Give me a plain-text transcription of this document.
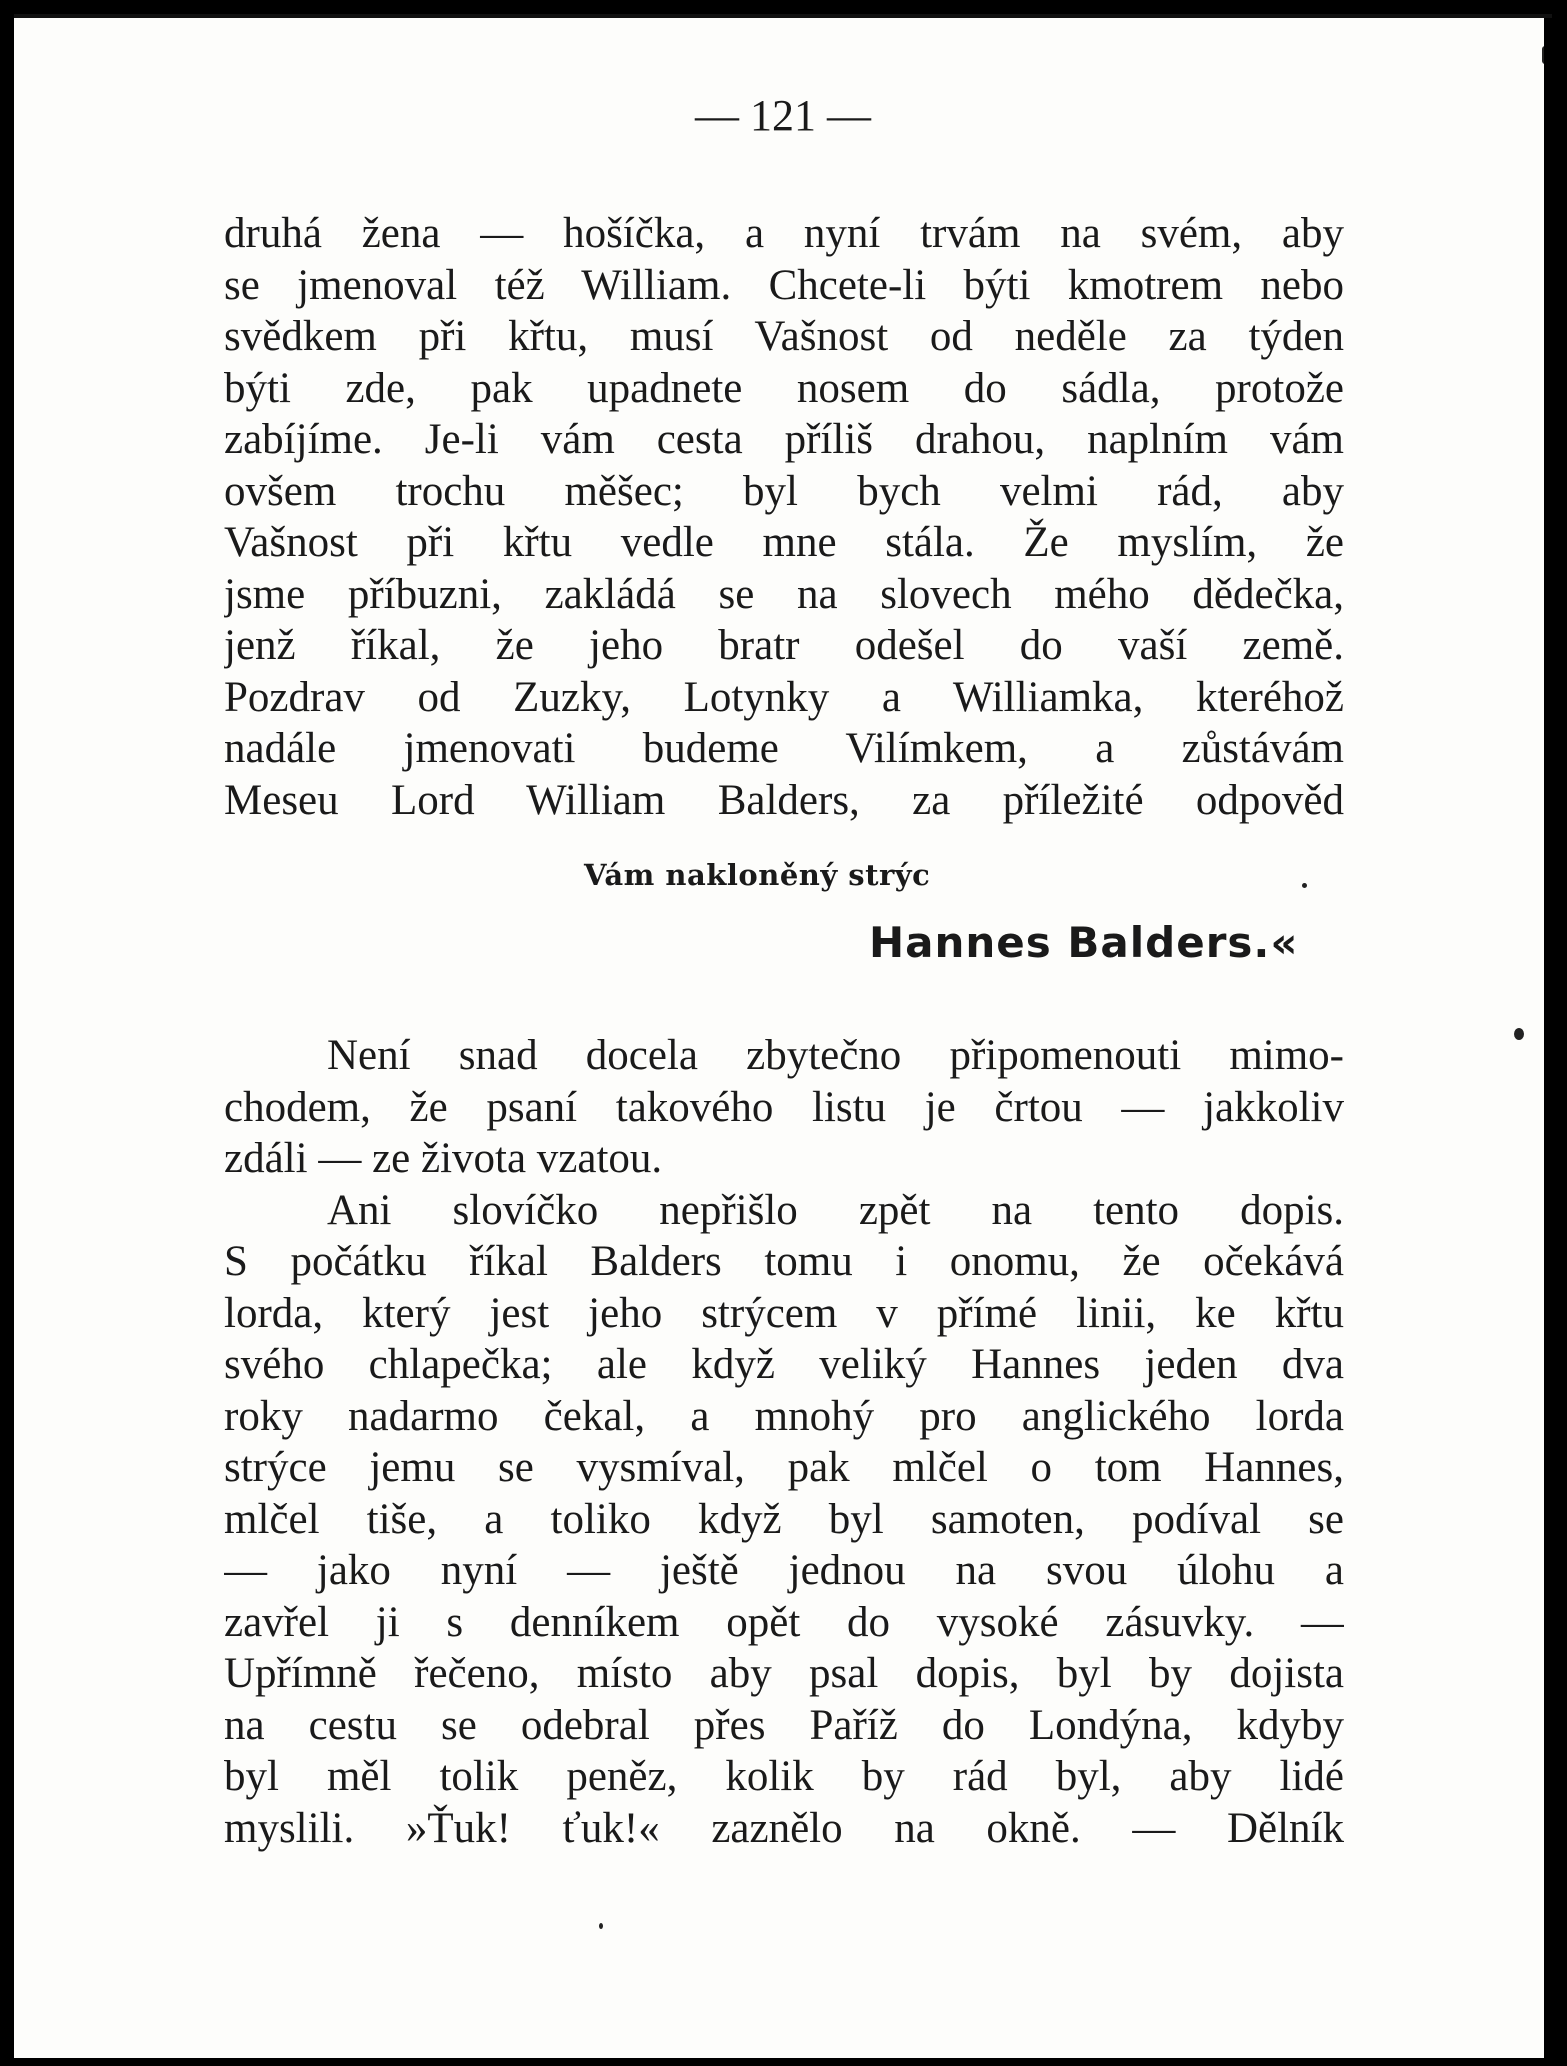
— 121 —
druhá žena — hošíčka, a nyní trvám na svém, aby
se jmenoval též William. Chcete-li býti kmotrem nebo
svědkem při křtu, musí Vašnost od neděle za týden
býti zde, pak upadnete nosem do sádla, protože
zabíjíme. Je-li vám cesta příliš drahou, naplním vám
ovšem trochu měšec; byl bych velmi rád, aby
Vašnost při křtu vedle mne stála. Že myslím, že
jsme příbuzni, zakládá se na slovech mého dědečka,
jenž říkal, že jeho bratr odešel do vaší země.
Pozdrav od Zuzky, Lotynky a Williamka, kteréhož
nadále jmenovati budeme Vilímkem, a zůstávám
Meseu Lord William Balders, za příležité odpověd
Vám nakloněný strýc
Hannes Balders.«
Není snad docela zbytečno připomenouti mimo-
chodem, že psaní takového listu je črtou — jakkoliv
zdáli — ze života vzatou.
Ani slovíčko nepřišlo zpět na tento dopis.
S počátku říkal Balders tomu i onomu, že očekává
lorda, který jest jeho strýcem v přímé linii, ke křtu
svého chlapečka; ale když veliký Hannes jeden dva
roky nadarmo čekal, a mnohý pro anglického lorda
strýce jemu se vysmíval, pak mlčel o tom Hannes,
mlčel tiše, a toliko když byl samoten, podíval se
— jako nyní — ještě jednou na svou úlohu a
zavřel ji s denníkem opět do vysoké zásuvky. —
Upřímně řečeno, místo aby psal dopis, byl by dojista
na cestu se odebral přes Paříž do Londýna, kdyby
byl měl tolik peněz, kolik by rád byl, aby lidé
myslili. »Ťuk! ťuk!« zaznělo na okně. — Dělník
